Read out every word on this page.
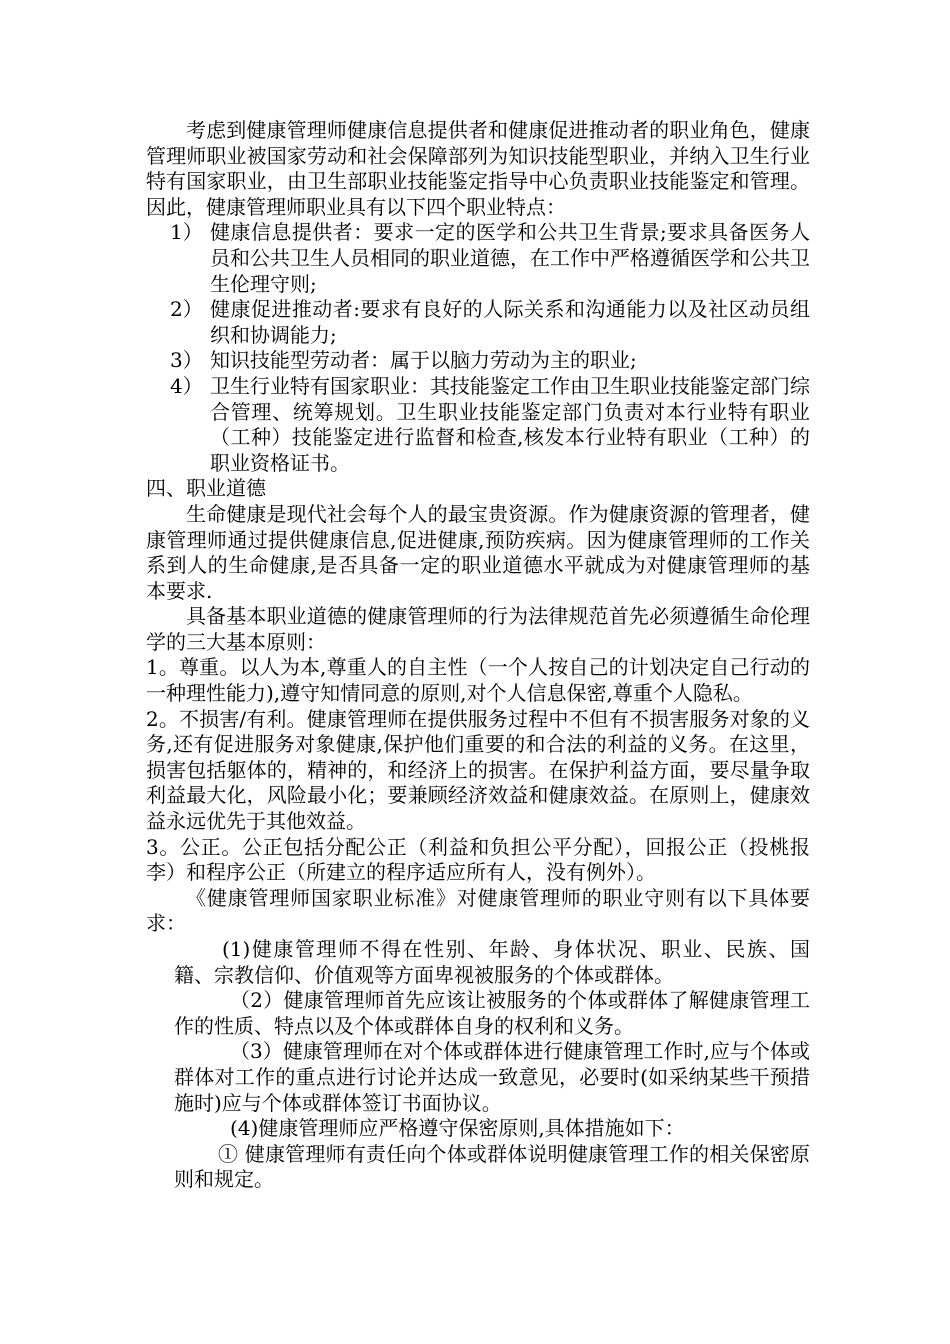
考虑到健康管理师健康信息提供者和健康促进推动者的职业角色，健康管理师职业被国家劳动和社会保障部列为知识技能型职业，并纳入卫生行业特有国家职业，由卫生部职业技能鉴定指导中心负责职业技能鉴定和管理。因此，健康管理师职业具有以下四个职业特点：

1） 健康信息提供者：要求一定的医学和公共卫生背景;要求具备医务人员和公共卫生人员相同的职业道德，在工作中严格遵循医学和公共卫生伦理守则;
2） 健康促进推动者:要求有良好的人际关系和沟通能力以及社区动员组织和协调能力;
3） 知识技能型劳动者：属于以脑力劳动为主的职业;
4） 卫生行业特有国家职业：其技能鉴定工作由卫生职业技能鉴定部门综合管理、统筹规划。卫生职业技能鉴定部门负责对本行业特有职业（工种）技能鉴定进行监督和检查,核发本行业特有职业（工种）的职业资格证书。

四、职业道德

生命健康是现代社会每个人的最宝贵资源。作为健康资源的管理者，健康管理师通过提供健康信息,促进健康,预防疾病。因为健康管理师的工作关系到人的生命健康,是否具备一定的职业道德水平就成为对健康管理师的基本要求.

具备基本职业道德的健康管理师的行为法律规范首先必须遵循生命伦理学的三大基本原则：

1。尊重。以人为本,尊重人的自主性（一个人按自己的计划决定自己行动的一种理性能力),遵守知情同意的原则,对个人信息保密,尊重个人隐私。

2。不损害/有利。健康管理师在提供服务过程中不但有不损害服务对象的义务,还有促进服务对象健康,保护他们重要的和合法的利益的义务。在这里，损害包括躯体的，精神的，和经济上的损害。在保护利益方面，要尽量争取利益最大化，风险最小化；要兼顾经济效益和健康效益。在原则上，健康效益永远优先于其他效益。

3。公正。公正包括分配公正（利益和负担公平分配），回报公正（投桃报李）和程序公正（所建立的程序适应所有人，没有例外）。

《健康管理师国家职业标准》对健康管理师的职业守则有以下具体要求：

(1)健康管理师不得在性别、年龄、身体状况、职业、民族、国籍、宗教信仰、价值观等方面卑视被服务的个体或群体。

（2）健康管理师首先应该让被服务的个体或群体了解健康管理工作的性质、特点以及个体或群体自身的权利和义务。

（3）健康管理师在对个体或群体进行健康管理工作时,应与个体或群体对工作的重点进行讨论并达成一致意见，必要时(如采纳某些干预措施时)应与个体或群体签订书面协议。

(4)健康管理师应严格遵守保密原则,具体措施如下：

① 健康管理师有责任向个体或群体说明健康管理工作的相关保密原则和规定。
